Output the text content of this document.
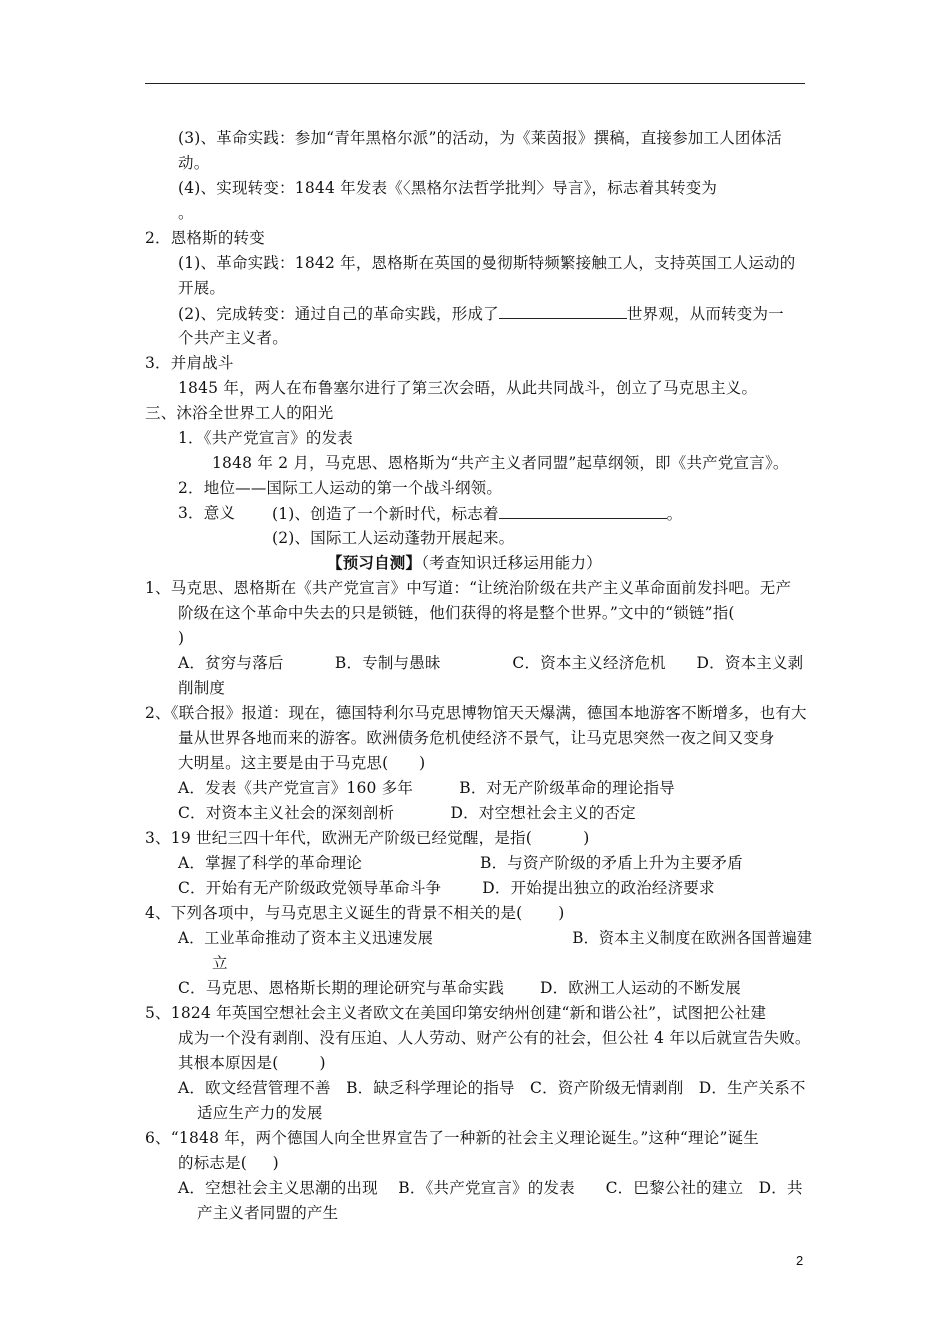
(3)、革命实践：参加“青年黑格尔派”的活动，为《莱茵报》撰稿，直接参加工人团体活
动。
(4)、实现转变：1844 年发表《〈黑格尔法哲学批判〉导言》，标志着其转变为
。
2．恩格斯的转变
(1)、革命实践：1842 年，恩格斯在英国的曼彻斯特频繁接触工人，支持英国工人运动的
开展。
(2)、完成转变：通过自己的革命实践，形成了	世界观，从而转变为一
个共产主义者。
3．并肩战斗
1845 年，两人在布鲁塞尔进行了第三次会晤，从此共同战斗，创立了马克思主义。
三、沐浴全世界工人的阳光
1．《共产党宣言》的发表
1848 年 2 月，马克思、恩格斯为“共产主义者同盟”起草纲领，即《共产党宣言》。
2．地位——国际工人运动的第一个战斗纲领。
3．意义 (1)、创造了一个新时代，标志着	。
(2)、国际工人运动蓬勃开展起来。
【预习自测】（考查知识迁移运用能力）
1、马克思、恩格斯在《共产党宣言》中写道：“让统治阶级在共产主义革命面前发抖吧。无产
阶级在这个革命中失去的只是锁链，他们获得的将是整个世界。”文中的“锁链”指(
)
A．贫穷与落后          B．专制与愚昧              C．资本主义经济危机      D．资本主义剥
削制度
2、《联合报》报道：现在，德国特利尔马克思博物馆天天爆满，德国本地游客不断增多，也有大
量从世界各地而来的游客。欧洲债务危机使经济不景气，让马克思突然一夜之间又变身
大明星。这主要是由于马克思(      )
A．发表《共产党宣言》160 多年         B．对无产阶级革命的理论指导
C．对资本主义社会的深刻剖析           D．对空想社会主义的否定
3、19 世纪三四十年代，欧洲无产阶级已经觉醒，是指(          )
A．掌握了科学的革命理论                       B．与资产阶级的矛盾上升为主要矛盾
C．开始有无产阶级政党领导革命斗争        D．开始提出独立的政治经济要求
4、下列各项中，与马克思主义诞生的背景不相关的是(       )
A．工业革命推动了资本主义迅速发展                            B．资本主义制度在欧洲各国普遍建
立
C．马克思、恩格斯长期的理论研究与革命实践       D．欧洲工人运动的不断发展
5、1824 年英国空想社会主义者欧文在美国印第安纳州创建“新和谐公社”，试图把公社建
成为一个没有剥削、没有压迫、人人劳动、财产公有的社会，但公社 4 年以后就宣告失败。
其根本原因是(        )
A．欧文经营管理不善   B．缺乏科学理论的指导   C．资产阶级无情剥削   D．生产关系不
适应生产力的发展
6、“1848 年，两个德国人向全世界宣告了一种新的社会主义理论诞生。”这种“理论”诞生
的标志是(     )
A．空想社会主义思潮的出现    B．《共产党宣言》的发表      C．巴黎公社的建立   D．共
产主义者同盟的产生
2
